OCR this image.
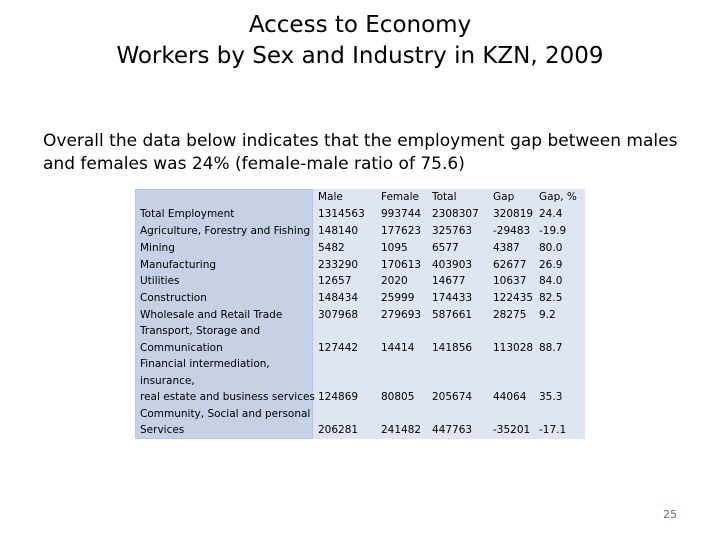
Access to Economy
Workers by Sex and Industry in KZN, 2009
Overall the data below indicates that the employment gap between males
and females was 24% (female-male ratio of 75.6)
Male	Female Total	Gap Gap, %
Total Employment	1314563 993744 2308307 320819 24.4
Agriculture, Forestry and Fishing 148140 177623 325763 -29483 -19.9
Mining	5482	1095 6577	4387 80.0
Manufacturing	233290 170613 403903 62677 26.9
Utilities	12657	2020 14677	10637 84.0
Construction	148434 25999 174433 122435 82.5
Wholesale and Retail Trade	307968 279693 587661 28275 9.2
Transport, Storage and
Communication	127442 14414 141856 113028 88.7
Financial intermediation,
insurance,
real estate and business services 124869 80805 205674 44064 35.3
Community, Social and personal
Services	206281 241482 447763 -35201 -17.1
25
